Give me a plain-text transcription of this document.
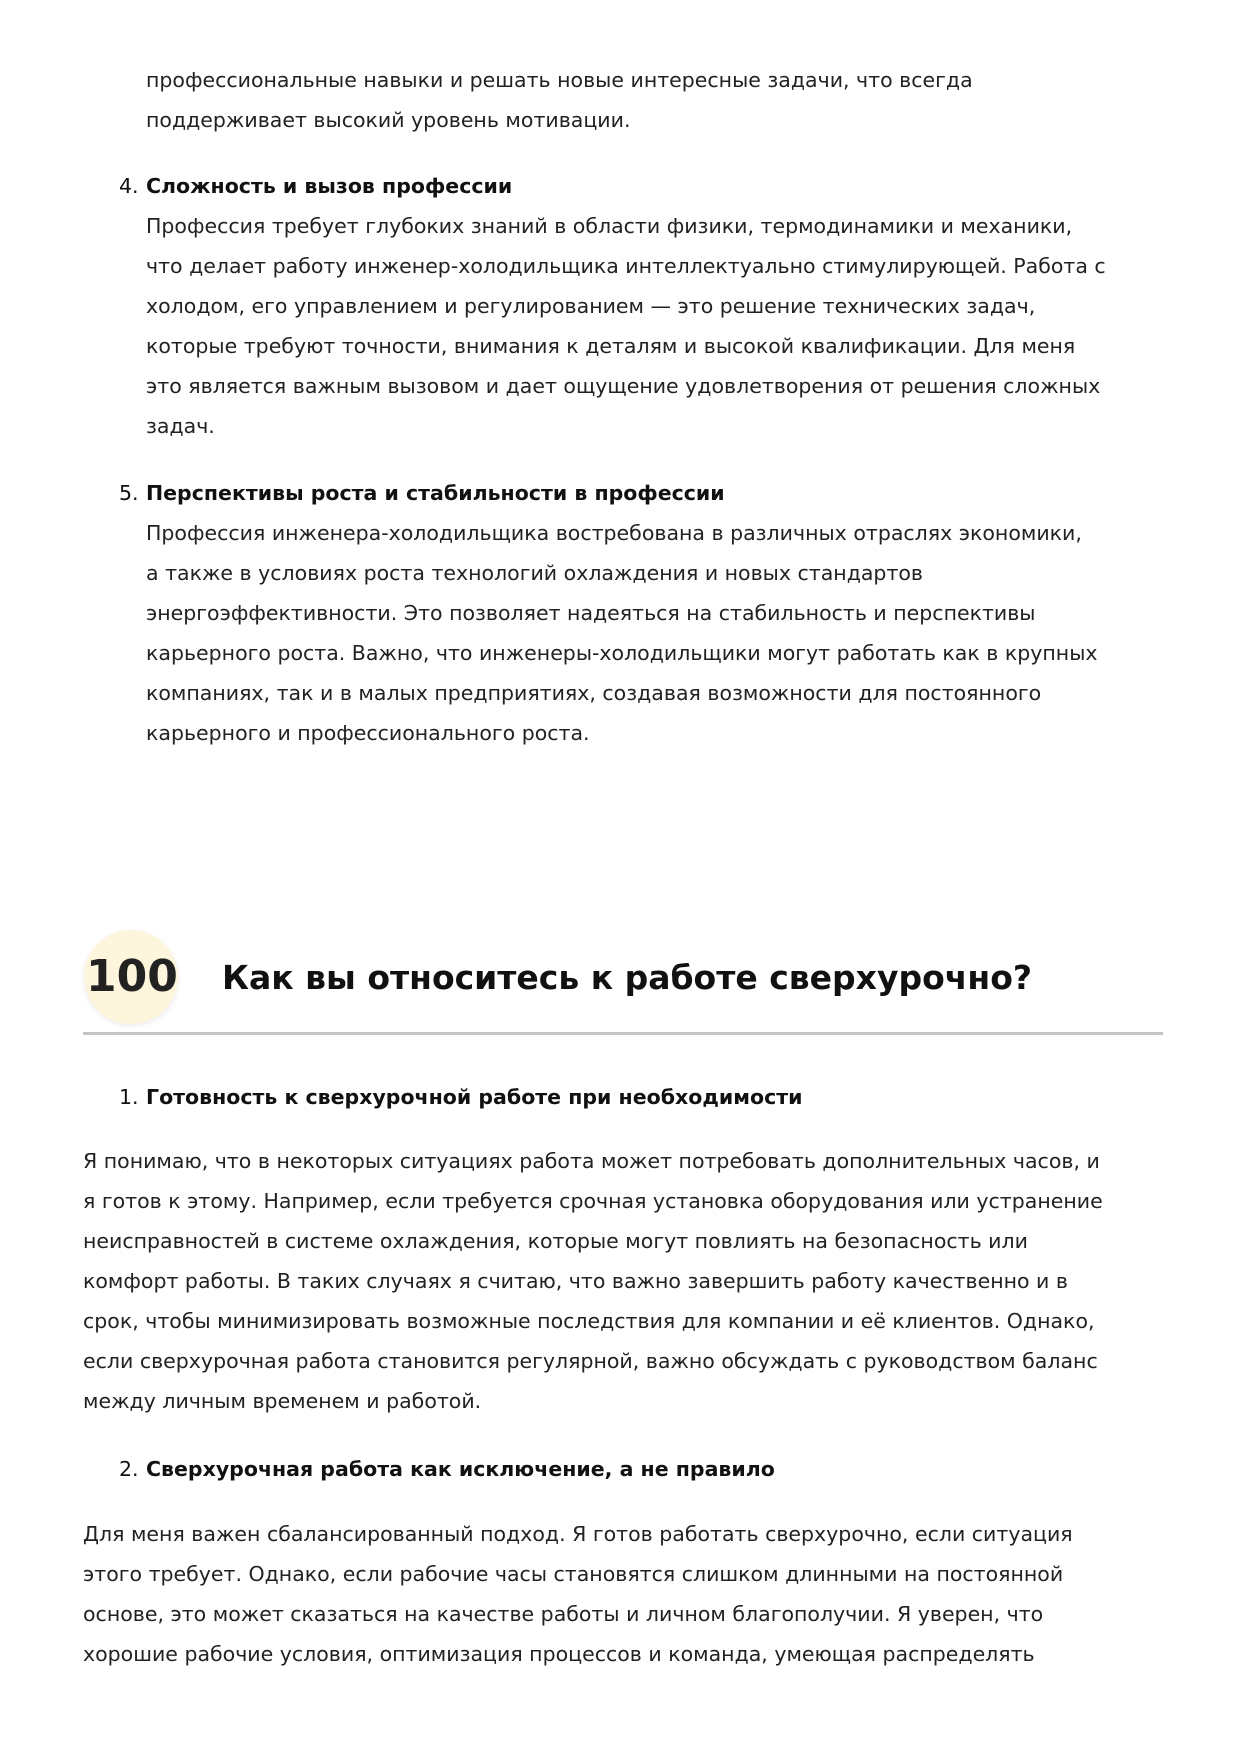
профессиональные навыки и решать новые интересные задачи, что всегда
поддерживает высокий уровень мотивации.
4. Сложность и вызов профессии
Профессия требует глубоких знаний в области физики, термодинамики и механики,
что делает работу инженер-холодильщика интеллектуально стимулирующей. Работа с
холодом, его управлением и регулированием — это решение технических задач,
которые требуют точности, внимания к деталям и высокой квалификации. Для меня
это является важным вызовом и дает ощущение удовлетворения от решения сложных
задач.
5. Перспективы роста и стабильности в профессии
Профессия инженера-холодильщика востребована в различных отраслях экономики,
а также в условиях роста технологий охлаждения и новых стандартов
энергоэффективности. Это позволяет надеяться на стабильность и перспективы
карьерного роста. Важно, что инженеры-холодильщики могут работать как в крупных
компаниях, так и в малых предприятиях, создавая возможности для постоянного
карьерного и профессионального роста.
100 Как вы относитесь к работе сверхурочно?
1. Готовность к сверхурочной работе при необходимости
Я понимаю, что в некоторых ситуациях работа может потребовать дополнительных часов, и
я готов к этому. Например, если требуется срочная установка оборудования или устранение
неисправностей в системе охлаждения, которые могут повлиять на безопасность или
комфорт работы. В таких случаях я считаю, что важно завершить работу качественно и в
срок, чтобы минимизировать возможные последствия для компании и её клиентов. Однако,
если сверхурочная работа становится регулярной, важно обсуждать с руководством баланс
между личным временем и работой.
2. Сверхурочная работа как исключение, а не правило
Для меня важен сбалансированный подход. Я готов работать сверхурочно, если ситуация
этого требует. Однако, если рабочие часы становятся слишком длинными на постоянной
основе, это может сказаться на качестве работы и личном благополучии. Я уверен, что
хорошие рабочие условия, оптимизация процессов и команда, умеющая распределять
